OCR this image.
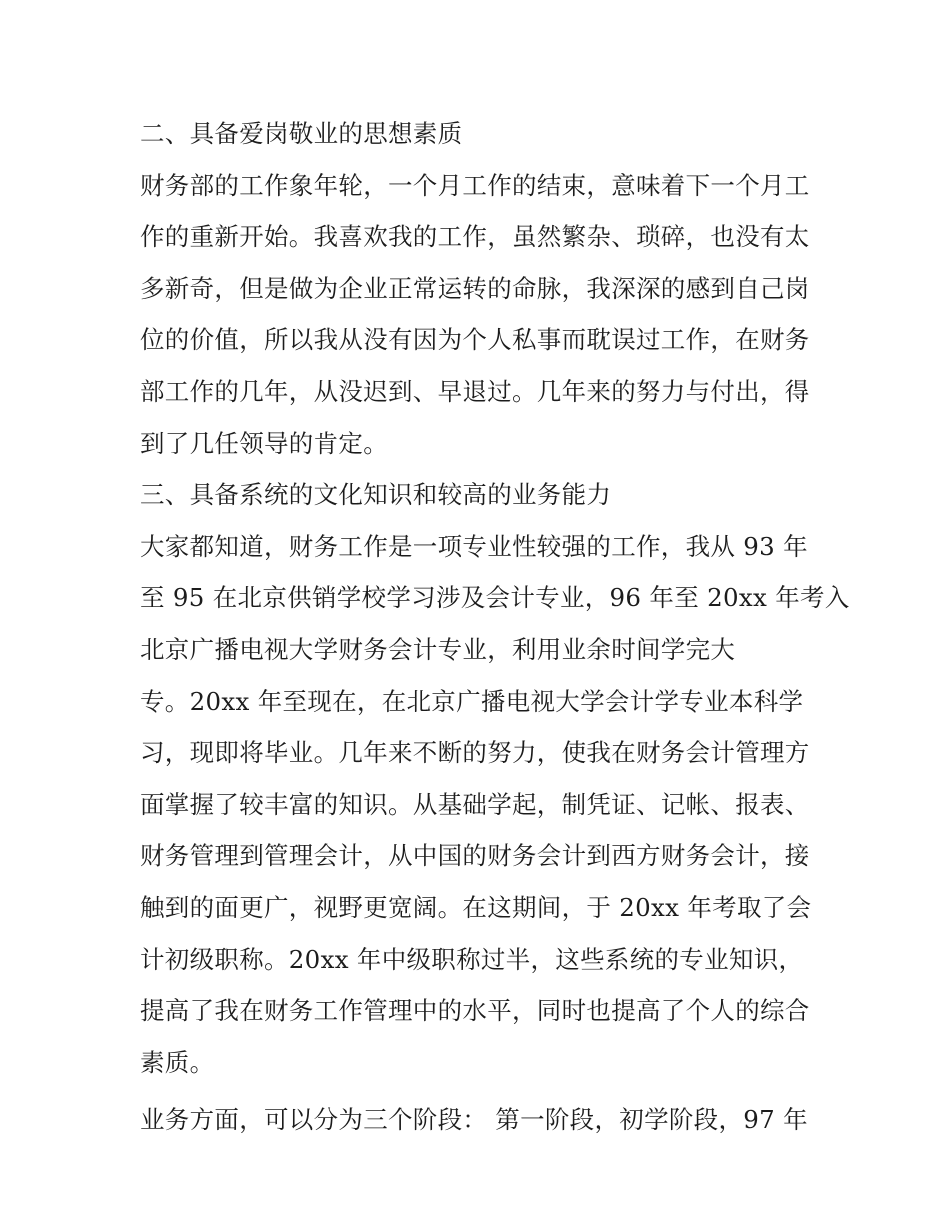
二、具备爱岗敬业的思想素质
财务部的工作象年轮，一个月工作的结束，意味着下一个月工
作的重新开始。我喜欢我的工作，虽然繁杂、琐碎，也没有太
多新奇，但是做为企业正常运转的命脉，我深深的感到自己岗
位的价值，所以我从没有因为个人私事而耽误过工作，在财务
部工作的几年，从没迟到、早退过。几年来的努力与付出，得
到了几任领导的肯定。
三、具备系统的文化知识和较高的业务能力
大家都知道，财务工作是一项专业性较强的工作，我从 93 年
至 95 在北京供销学校学习涉及会计专业，96 年至 20xx 年考入
北京广播电视大学财务会计专业，利用业余时间学完大
专。20xx 年至现在，在北京广播电视大学会计学专业本科学
习，现即将毕业。几年来不断的努力，使我在财务会计管理方
面掌握了较丰富的知识。从基础学起，制凭证、记帐、报表、
财务管理到管理会计，从中国的财务会计到西方财务会计，接
触到的面更广，视野更宽阔。在这期间，于 20xx 年考取了会
计初级职称。20xx 年中级职称过半，这些系统的专业知识，
提高了我在财务工作管理中的水平，同时也提高了个人的综合
素质。
业务方面，可以分为三个阶段： 第一阶段，初学阶段，97 年
